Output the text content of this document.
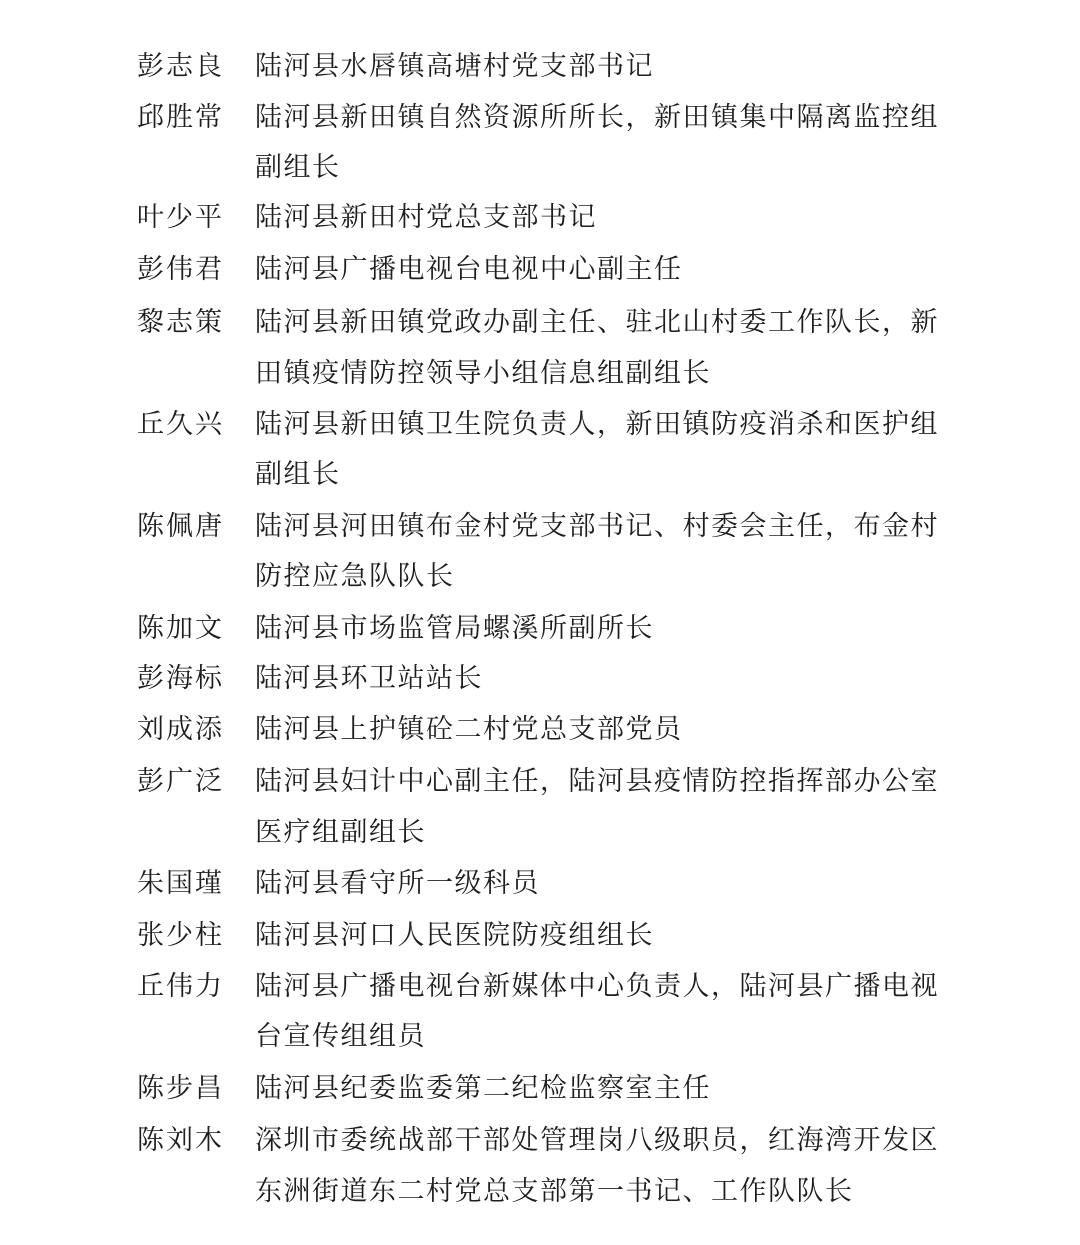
彭志良 陆河县水唇镇高塘村党支部书记
邱胜常 陆河县新田镇自然资源所所长，新田镇集中隔离监控组
副组长
叶少平 陆河县新田村党总支部书记
彭伟君 陆河县广播电视台电视中心副主任
黎志策 陆河县新田镇党政办副主任、驻北山村委工作队长，新
田镇疫情防控领导小组信息组副组长
丘久兴 陆河县新田镇卫生院负责人，新田镇防疫消杀和医护组
副组长
陈佩唐 陆河县河田镇布金村党支部书记、村委会主任，布金村
防控应急队队长
陈加文 陆河县市场监管局螺溪所副所长
彭海标 陆河县环卫站站长
刘成添 陆河县上护镇砼二村党总支部党员
彭广泛 陆河县妇计中心副主任，陆河县疫情防控指挥部办公室
医疗组副组长
朱国瑾 陆河县看守所一级科员
张少柱 陆河县河口人民医院防疫组组长
丘伟力 陆河县广播电视台新媒体中心负责人，陆河县广播电视
台宣传组组员
陈步昌 陆河县纪委监委第二纪检监察室主任
陈刘木 深圳市委统战部干部处管理岗八级职员，红海湾开发区
东洲街道东二村党总支部第一书记、工作队队长
